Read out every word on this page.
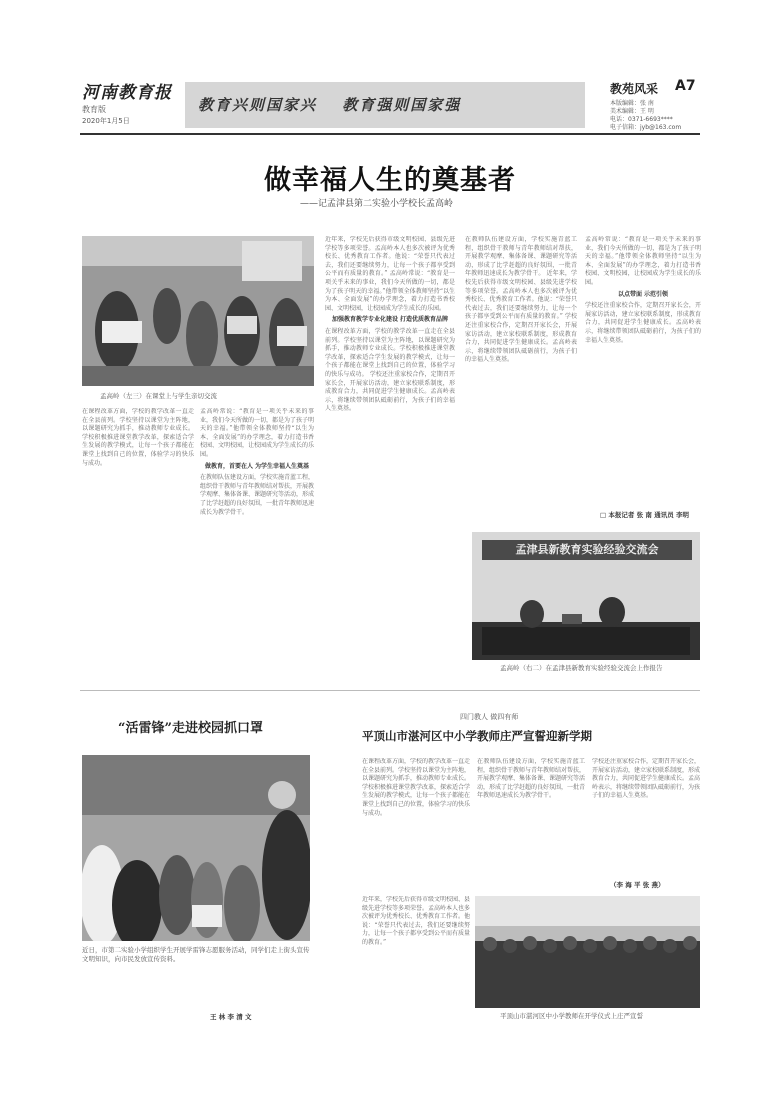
河南教育报
教育版
2020年1月5日
教育兴则国家兴 教育强则国家强
教苑风采 A7
本版编辑：张 南
美术编辑：王 明
电话：0371-6693****
电子信箱：jyb@163.com
做幸福人生的奠基者
——记孟津县第二实验小学校长孟高岭
孟高岭（左三）在课堂上与学生亲切交流
在课程改革方面，学校的教学改革一直走在全县前列。学校坚持以课堂为主阵地，以课题研究为抓手，推动教师专业成长。学校积极推进课堂教学改革，探索适合学生发展的教学模式，让每一个孩子都能在课堂上找到自己的位置，体验学习的快乐与成功。
孟高岭常说：“教育是一项关乎未来的事业，我们今天所做的一切，都是为了孩子明天的幸福。”他带领全体教师坚持“以生为本、全面发展”的办学理念，着力打造书香校园、文明校园，让校园成为学生成长的乐园。
做教育，首要在人 为学生幸福人生奠基
在教师队伍建设方面，学校实施青蓝工程，组织骨干教师与青年教师结对帮扶，开展教学观摩、集体备课、课题研究等活动，形成了比学赶超的良好氛围，一批青年教师迅速成长为教学骨干。
近年来，学校先后获得市级文明校园、县级先进学校等多项荣誉。孟高岭本人也多次被评为优秀校长、优秀教育工作者。他说：“荣誉只代表过去，我们还要继续努力，让每一个孩子都享受到公平而有质量的教育。” 孟高岭常说：“教育是一项关乎未来的事业，我们今天所做的一切，都是为了孩子明天的幸福。”他带领全体教师坚持“以生为本、全面发展”的办学理念，着力打造书香校园、文明校园，让校园成为学生成长的乐园。
加强教育教学专业化建设 打造优质教育品牌
在课程改革方面，学校的教学改革一直走在全县前列。学校坚持以课堂为主阵地，以课题研究为抓手，推动教师专业成长。学校积极推进课堂教学改革，探索适合学生发展的教学模式，让每一个孩子都能在课堂上找到自己的位置，体验学习的快乐与成功。 学校还注重家校合作，定期召开家长会，开展家访活动，建立家校联系制度，形成教育合力，共同促进学生健康成长。孟高岭表示，将继续带领团队砥砺前行，为孩子们的幸福人生奠基。
在教师队伍建设方面，学校实施青蓝工程，组织骨干教师与青年教师结对帮扶，开展教学观摩、集体备课、课题研究等活动，形成了比学赶超的良好氛围，一批青年教师迅速成长为教学骨干。 近年来，学校先后获得市级文明校园、县级先进学校等多项荣誉。孟高岭本人也多次被评为优秀校长、优秀教育工作者。他说：“荣誉只代表过去，我们还要继续努力，让每一个孩子都享受到公平而有质量的教育。” 学校还注重家校合作，定期召开家长会，开展家访活动，建立家校联系制度，形成教育合力，共同促进学生健康成长。孟高岭表示，将继续带领团队砥砺前行，为孩子们的幸福人生奠基。
孟高岭常说：“教育是一项关乎未来的事业，我们今天所做的一切，都是为了孩子明天的幸福。”他带领全体教师坚持“以生为本、全面发展”的办学理念，着力打造书香校园、文明校园，让校园成为学生成长的乐园。
以点带面 示范引领
学校还注重家校合作，定期召开家长会，开展家访活动，建立家校联系制度，形成教育合力，共同促进学生健康成长。孟高岭表示，将继续带领团队砥砺前行，为孩子们的幸福人生奠基。
□ 本报记者 张 南 通讯员 李明
孟津县新教育实验经验交流会
孟高岭（右二）在孟津县新教育实验经验交流会上作报告
“活雷锋”走进校园抓口罩
近日，市第二实验小学组织学生开展学雷锋志愿服务活动，同学们走上街头宣传文明知识，向市民发放宣传资料。
王 林 李 清 文
四门教人 做四有师
平顶山市湛河区中小学教师庄严宣誓迎新学期
在课程改革方面，学校的教学改革一直走在全县前列。学校坚持以课堂为主阵地，以课题研究为抓手，推动教师专业成长。学校积极推进课堂教学改革，探索适合学生发展的教学模式，让每一个孩子都能在课堂上找到自己的位置，体验学习的快乐与成功。
在教师队伍建设方面，学校实施青蓝工程，组织骨干教师与青年教师结对帮扶，开展教学观摩、集体备课、课题研究等活动，形成了比学赶超的良好氛围，一批青年教师迅速成长为教学骨干。
学校还注重家校合作，定期召开家长会，开展家访活动，建立家校联系制度，形成教育合力，共同促进学生健康成长。孟高岭表示，将继续带领团队砥砺前行，为孩子们的幸福人生奠基。
（李 海 平 张 燕）
近年来，学校先后获得市级文明校园、县级先进学校等多项荣誉。孟高岭本人也多次被评为优秀校长、优秀教育工作者。他说：“荣誉只代表过去，我们还要继续努力，让每一个孩子都享受到公平而有质量的教育。”
平顶山市湛河区中小学教师在开学仪式上庄严宣誓
